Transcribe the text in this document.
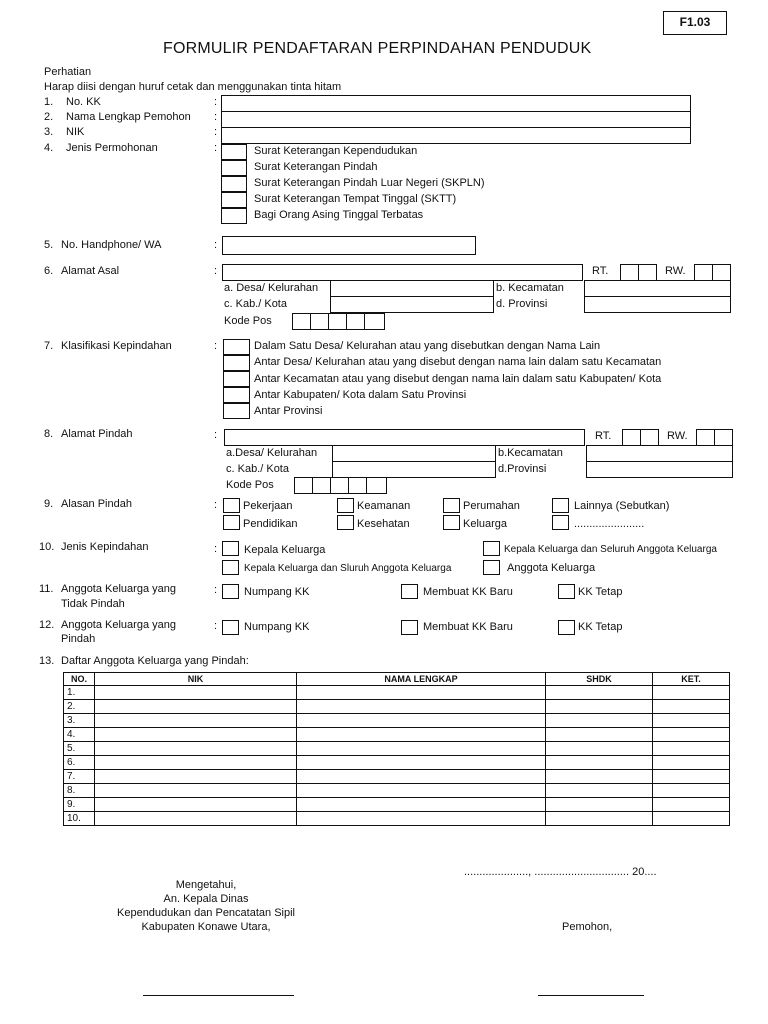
F1.03
FORMULIR PENDAFTARAN PERPINDAHAN PENDUDUK
Perhatian
Harap diisi dengan huruf cetak dan menggunakan tinta hitam
1. No. KK	:
2. Nama Lengkap Pemohon :
3. NIK	:
4. Jenis Permohonan	:	Surat Keterangan Kependudukan
Surat Keterangan Pindah
Surat Keterangan Pindah Luar Negeri (SKPLN)
Surat Keterangan Tempat Tinggal (SKTT)
Bagi Orang Asing Tinggal Terbatas
5. No. Handphone/ WA	:
6. Alamat Asal	:	RT.	RW.
a. Desa/ Kelurahan	b. Kecamatan
c. Kab./ Kota	d. Provinsi
Kode Pos
7. Klasifikasi Kepindahan	:	Dalam Satu Desa/ Kelurahan atau yang disebutkan dengan Nama Lain
Antar Desa/ Kelurahan atau yang disebut dengan nama lain dalam satu Kecamatan
Antar Kecamatan atau yang disebut dengan nama lain dalam satu Kabupaten/ Kota
Antar Kabupaten/ Kota dalam Satu Provinsi
Antar Provinsi
8. Alamat Pindah	:	RT.	RW.
a.Desa/ Kelurahan	b.Kecamatan
c. Kab./ Kota	d.Provinsi
Kode Pos
9. Alasan Pindah	: Pekerjaan	Keamanan	Perumahan	Lainnya (Sebutkan)
Pendidikan	Kesehatan	Keluarga	.......................
10. Jenis Kepindahan	: Kepala Keluarga	Kepala Keluarga dan Seluruh Anggota Keluarga
Kepala Keluarga dan Sluruh Anggota Keluarga	Anggota Keluarga
11. Anggota Keluarga yang
Tidak Pindah
: Numpang KK	Membuat KK Baru	KK Tetap
12. Anggota Keluarga yang
Pindah
: Numpang KK	Membuat KK Baru	KK Tetap
13. Daftar Anggota Keluarga yang Pindah:
NO.	NIK	NAMA LENGKAP	SHDK	KET.
1.				
2.				
3.				
4.				
5.				
6.				
7.				
8.				
9.				
10.				
....................., ............................... 20....
Mengetahui,
An. Kepala Dinas
Kependudukan dan Pencatatan Sipil
Kabupaten Konawe Utara,	Pemohon,
